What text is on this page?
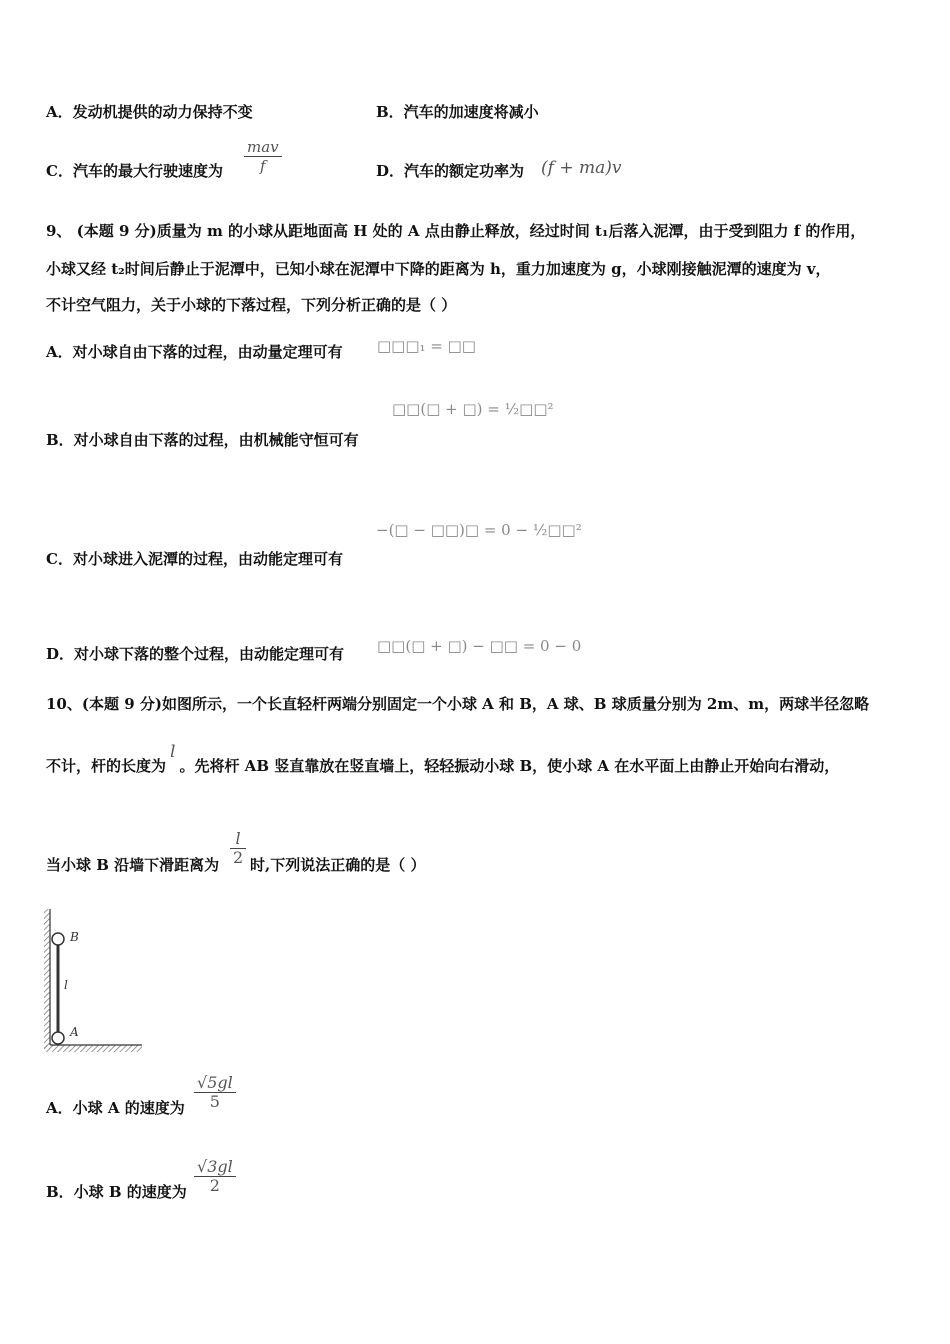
A．发动机提供的动力保持不变	B．汽车的加速度将减小
C．汽车的最大行驶速度为
mav
f	D．汽车的额定功率为 (f + ma)v
9、 (本题 9 分)质量为 m 的小球从距地面高 H 处的 A 点由静止释放，经过时间 t₁后落入泥潭，由于受到阻力 f 的作用，
小球又经 t₂时间后静止于泥潭中，已知小球在泥潭中下降的距离为 h，重力加速度为 g，小球刚接触泥潭的速度为 v，
不计空气阻力，关于小球的下落过程，下列分析正确的是（ ）
A．对小球自由下落的过程，由动量定理可有 □□□₁ = □□
□□(□ + □) = ½□□²
B．对小球自由下落的过程，由机械能守恒可有
−(□ − □□)□ = 0 − ½□□²
C．对小球进入泥潭的过程，由动能定理可有
D．对小球下落的整个过程，由动能定理可有 □□(□ + □) − □□ = 0 − 0
10、(本题 9 分)如图所示，一个长直轻杆两端分别固定一个小球 A 和 B，A 球、B 球质量分别为 2m、m，两球半径忽略
不计，杆的长度为l。先将杆 AB 竖直靠放在竖直墙上，轻轻振动小球 B，使小球 A 在水平面上由静止开始向右滑动，
当小球 B 沿墙下滑距离为 $\frac{l}{2}$ 时,下列说法正确的是（ ）
B
l
A
A．小球 A 的速度为 $\frac{√5gl}{5}$
B．小球 B 的速度为 $\frac{√3gl}{2}$
